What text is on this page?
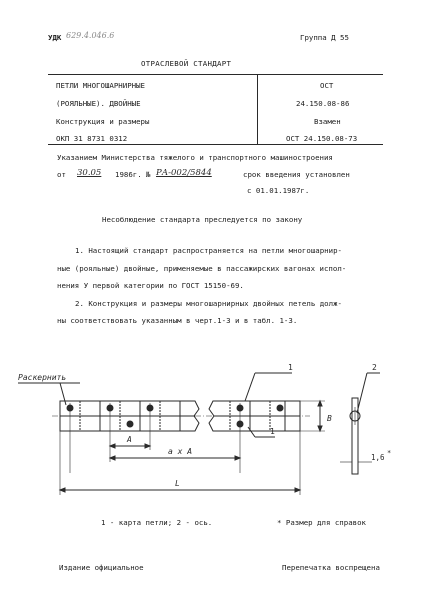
УДК 629.4.046.6	Группа Д 55
ОТРАСЛЕВОЙ СТАНДАРТ
ПЕТЛИ МНОГОШАРНИРНЫЕ
(РОЯЛЬНЫЕ). ДВОЙНЫЕ
Конструкция и размеры
ОКП 31 8731 0312
ОСТ
24.150.08-86
Взамен
ОСТ 24.150.08-73
Указанием Министерства тяжелого и транспортного машиностроения
от 30.05 1986г. № РА-002/5844	срок введения установлен
с 01.01.1987г.
Несоблюдение стандарта преследуется по закону
1. Настоящий стандарт распространяется на петли многошарнир-
ные (рояльные) двойные, применяемые в пассажирских вагонах испол-
нения У первой категории по ГОСТ 15150-69.
2. Конструкция и размеры многошарнирных двойных петель долж-
ны соответствовать указанным в черт.1-3 и в табл. 1-3.
Раскернить
1
1
2
A
a x A
L
B
1,6 *
1 - карта петли; 2 - ось.	* Размер для справок
Издание официальное	Перепечатка воспрещена
